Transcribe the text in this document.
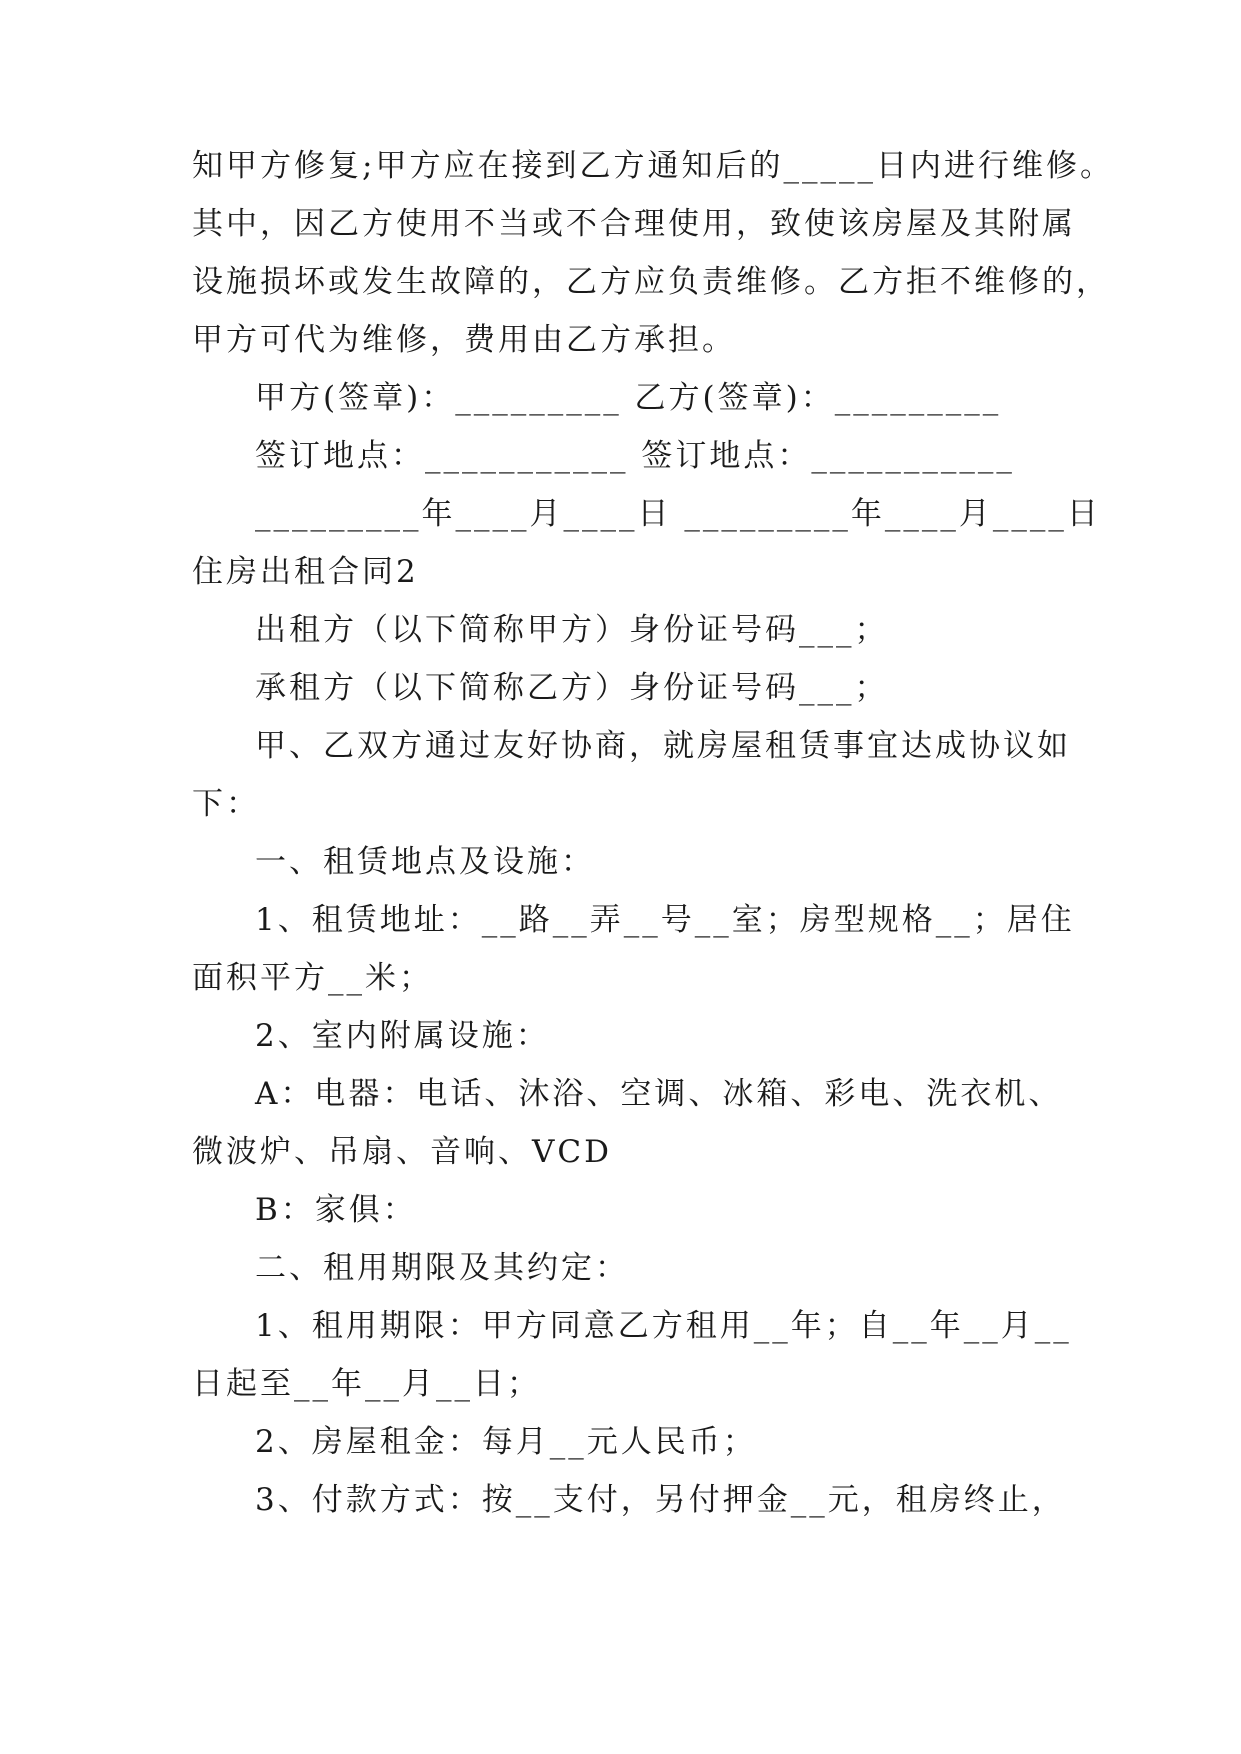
知甲方修复;甲方应在接到乙方通知后的_____日内进行维修。
其中，因乙方使用不当或不合理使用，致使该房屋及其附属
设施损坏或发生故障的，乙方应负责维修。乙方拒不维修的，
甲方可代为维修，费用由乙方承担。
甲方(签章)：_________ 乙方(签章)：_________
签订地点：___________ 签订地点：___________
_________年____月____日 _________年____月____日
住房出租合同2
出租方（以下简称甲方）身份证号码___；
承租方（以下简称乙方）身份证号码___；
甲、乙双方通过友好协商，就房屋租赁事宜达成协议如
下：
一、租赁地点及设施：
1、租赁地址：__路__弄__号__室；房型规格__；居住
面积平方__米；
2、室内附属设施：
A：电器：电话、沐浴、空调、冰箱、彩电、洗衣机、
微波炉、吊扇、音响、VCD
B：家俱：
二、租用期限及其约定：
1、租用期限：甲方同意乙方租用__年；自__年__月__
日起至__年__月__日；
2、房屋租金：每月__元人民币；
3、付款方式：按__支付，另付押金__元，租房终止，
